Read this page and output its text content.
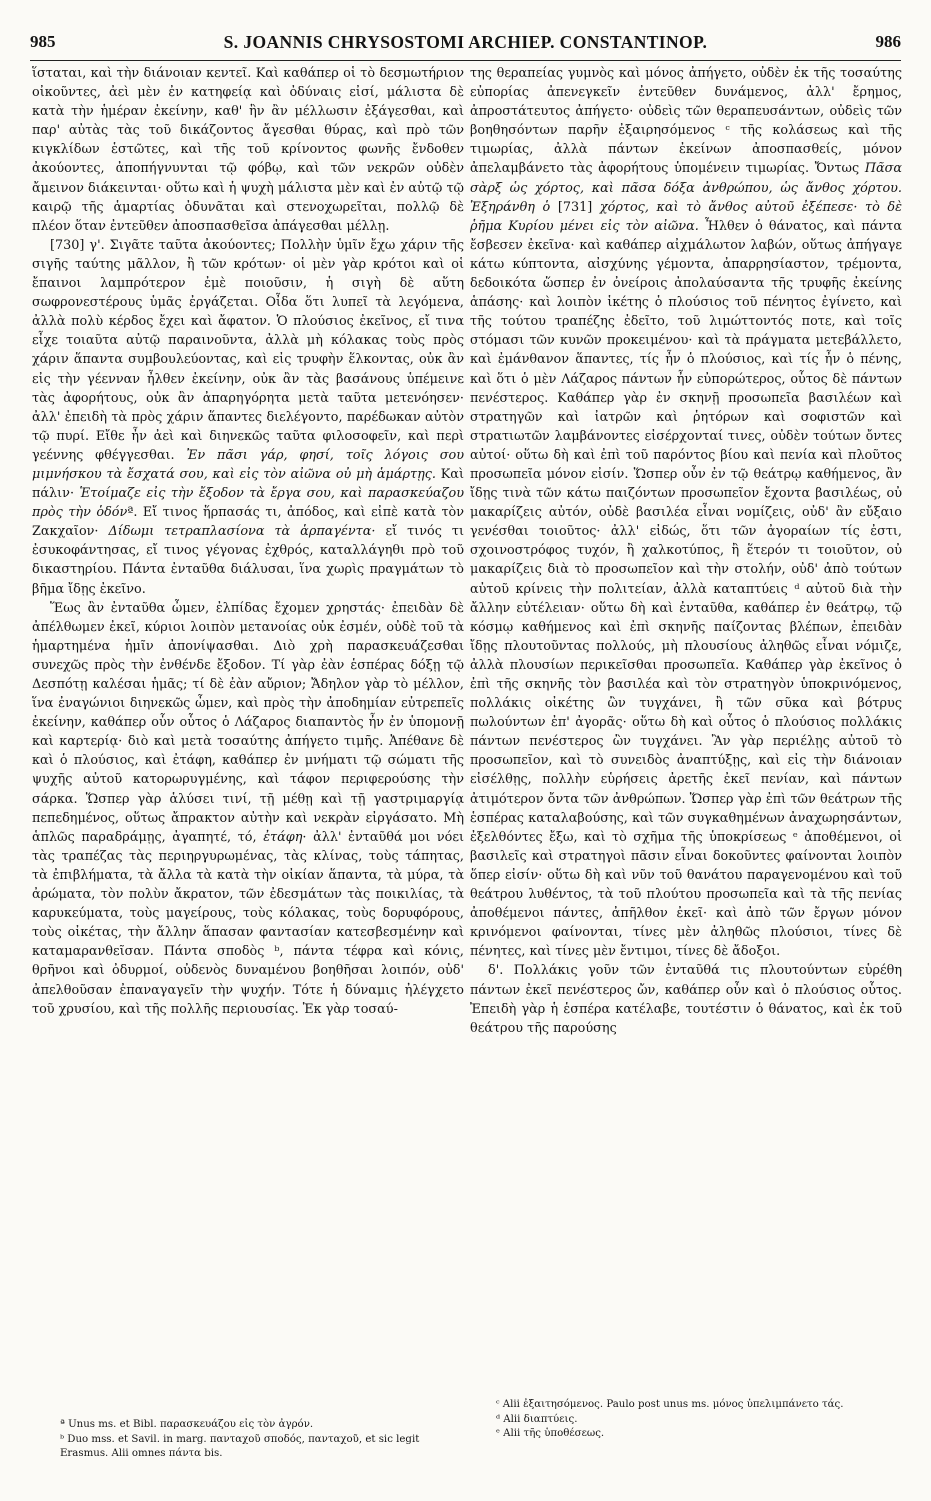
985	S. JOANNIS CHRYSOSTOMI ARCHIEP. CONSTANTINOP.	986

ἵσταται, καὶ τὴν διάνοιαν κεντεῖ. Καὶ καθάπερ οἱ τὸ δεσμωτήριον οἰκοῦντες, ἀεὶ μὲν ἐν κατηφείᾳ καὶ ὀδύναις εἰσί, μάλιστα δὲ κατὰ τὴν ἡμέραν ἐκείνην, καθ' ἣν ἂν μέλλωσιν ἐξάγεσθαι, καὶ παρ' αὐτὰς τὰς τοῦ δικάζοντος ἄγεσθαι θύρας, καὶ πρὸ τῶν κιγκλίδων ἑστῶτες, καὶ τῆς τοῦ κρίνοντος φωνῆς ἔνδοθεν ἀκούοντες, ἀποπήγνυνται τῷ φόβῳ, καὶ τῶν νεκρῶν οὐδὲν ἄμεινον διάκεινται· οὕτω καὶ ἡ ψυχὴ μάλιστα μὲν καὶ ἐν αὐτῷ τῷ καιρῷ τῆς ἁμαρτίας ὀδυνᾶται καὶ στενοχωρεῖται, πολλῷ δὲ πλέον ὅταν ἐντεῦθεν ἀποσπασθεῖσα ἀπάγεσθαι μέλλῃ.

[730] γ'. Σιγᾶτε ταῦτα ἀκούοντες; Πολλὴν ὑμῖν ἔχω χάριν τῆς σιγῆς ταύτης μᾶλλον, ἢ τῶν κρότων· οἱ μὲν γὰρ κρότοι καὶ οἱ ἔπαινοι λαμπρότερον ἐμὲ ποιοῦσιν, ἡ σιγὴ δὲ αὕτη σωφρονεστέρους ὑμᾶς ἐργάζεται. Οἶδα ὅτι λυπεῖ τὰ λεγόμενα, ἀλλὰ πολὺ κέρδος ἔχει καὶ ἄφατον. Ὁ πλούσιος ἐκεῖνος, εἴ τινα εἶχε τοιαῦτα αὐτῷ παραινοῦντα, ἀλλὰ μὴ κόλακας τοὺς πρὸς χάριν ἅπαντα συμβουλεύοντας, καὶ εἰς τρυφὴν ἕλκοντας, οὐκ ἂν εἰς τὴν γέενναν ἦλθεν ἐκείνην, οὐκ ἂν τὰς βασάνους ὑπέμεινε τὰς ἀφορήτους, οὐκ ἂν ἀπαρηγόρητα μετὰ ταῦτα μετενόησεν· ἀλλ' ἐπειδὴ τὰ πρὸς χάριν ἅπαντες διελέγοντο, παρέδωκαν αὐτὸν τῷ πυρί. Εἴθε ἦν ἀεὶ καὶ διηνεκῶς ταῦτα φιλοσοφεῖν, καὶ περὶ γεέννης φθέγγεσθαι. Ἐν πᾶσι γάρ, φησί, τοῖς λόγοις σου μιμνήσκου τὰ ἔσχατά σου, καὶ εἰς τὸν αἰῶνα οὐ μὴ ἁμάρτῃς. Καὶ πάλιν· Ἑτοίμαζε εἰς τὴν ἔξοδον τὰ ἔργα σου, καὶ παρασκεύαζου πρὸς τὴν ὁδόνª. Εἴ τινος ἥρπασάς τι, ἀπόδος, καὶ εἰπὲ κατὰ τὸν Ζακχαῖον· Δίδωμι τετραπλασίονα τὰ ἁρπαγέντα· εἴ τινός τι ἐσυκοφάντησας, εἴ τινος γέγονας ἐχθρός, καταλλάγηθι πρὸ τοῦ δικαστηρίου. Πάντα ἐνταῦθα διάλυσαι, ἵνα χωρὶς πραγμάτων τὸ βῆμα ἴδῃς ἐκεῖνο.

Ἕως ἂν ἐνταῦθα ὦμεν, ἐλπίδας ἔχομεν χρηστάς· ἐπειδὰν δὲ ἀπέλθωμεν ἐκεῖ, κύριοι λοιπὸν μετανοίας οὐκ ἐσμέν, οὐδὲ τοῦ τὰ ἡμαρτημένα ἡμῖν ἀπονίψασθαι. Διὸ χρὴ παρασκευάζεσθαι συνεχῶς πρὸς τὴν ἐνθένδε ἔξοδον. Τί γὰρ ἐὰν ἑσπέρας δόξῃ τῷ Δεσπότῃ καλέσαι ἡμᾶς; τί δὲ ἐὰν αὔριον; Ἄδηλον γὰρ τὸ μέλλον, ἵνα ἐναγώνιοι διηνεκῶς ὦμεν, καὶ πρὸς τὴν ἀποδημίαν εὐτρεπεῖς ἐκείνην, καθάπερ οὗν οὗτος ὁ Λάζαρος διαπαντὸς ἦν ἐν ὑπομονῇ καὶ καρτερίᾳ· διὸ καὶ μετὰ τοσαύτης ἀπήγετο τιμῆς. Ἀπέθανε δὲ καὶ ὁ πλούσιος, καὶ ἐτάφη, καθάπερ ἐν μνήματι τῷ σώματι τῆς ψυχῆς αὐτοῦ κατορωρυγμένης, καὶ τάφον περιφερούσης τὴν σάρκα. Ὥσπερ γὰρ ἁλύσει τινί, τῇ μέθῃ καὶ τῇ γαστριμαργίᾳ πεπεδημένος, οὕτως ἄπρακτον αὐτὴν καὶ νεκρὰν εἰργάσατο. Μὴ ἁπλῶς παραδράμῃς, ἀγαπητέ, τό, ἐτάφη· ἀλλ' ἐνταῦθά μοι νόει τὰς τραπέζας τὰς περιηργυρωμένας, τὰς κλίνας, τοὺς τάπητας, τὰ ἐπιβλήματα, τὰ ἄλλα τὰ κατὰ τὴν οἰκίαν ἅπαντα, τὰ μύρα, τὰ ἀρώματα, τὸν πολὺν ἄκρατον, τῶν ἐδεσμάτων τὰς ποικιλίας, τὰ καρυκεύματα, τοὺς μαγείρους, τοὺς κόλακας, τοὺς δορυφόρους, τοὺς οἰκέτας, τὴν ἄλλην ἅπασαν φαντασίαν κατεσβεσμένην καὶ καταμαρανθεῖσαν. Πάντα σποδὸς ᵇ, πάντα τέφρα καὶ κόνις, θρῆνοι καὶ ὀδυρμοί, οὐδενὸς δυναμένου βοηθῆσαι λοιπόν, οὐδ' ἀπελθοῦσαν ἐπαναγαγεῖν τὴν ψυχήν. Τότε ἡ δύναμις ἠλέγχετο τοῦ χρυσίου, καὶ τῆς πολλῆς περιουσίας. Ἐκ γὰρ τοσαύ-

της θεραπείας γυμνὸς καὶ μόνος ἀπήγετο, οὐδὲν ἐκ τῆς τοσαύτης εὐπορίας ἀπενεγκεῖν ἐντεῦθεν δυνάμενος, ἀλλ' ἔρημος, ἀπροστάτευτος ἀπήγετο· οὐδεὶς τῶν θεραπευσάντων, οὐδεὶς τῶν βοηθησόντων παρῆν ἐξαιρησόμενος ᶜ τῆς κολάσεως καὶ τῆς τιμωρίας, ἀλλὰ πάντων ἐκείνων ἀποσπασθείς, μόνον ἀπελαμβάνετο τὰς ἀφορήτους ὑπομένειν τιμωρίας. Ὄντως Πᾶσα σὰρξ ὡς χόρτος, καὶ πᾶσα δόξα ἀνθρώπου, ὡς ἄνθος χόρτου. Ἐξηράνθη ὁ [731] χόρτος, καὶ τὸ ἄνθος αὐτοῦ ἐξέπεσε· τὸ δὲ ῥῆμα Κυρίου μένει εἰς τὸν αἰῶνα. Ἦλθεν ὁ θάνατος, καὶ πάντα ἔσβεσεν ἐκεῖνα· καὶ καθάπερ αἰχμάλωτον λαβών, οὕτως ἀπήγαγε κάτω κύπτοντα, αἰσχύνης γέμοντα, ἀπαρρησίαστον, τρέμοντα, δεδοικότα ὥσπερ ἐν ὀνείροις ἀπολαύσαντα τῆς τρυφῆς ἐκείνης ἁπάσης· καὶ λοιπὸν ἱκέτης ὁ πλούσιος τοῦ πένητος ἐγίνετο, καὶ τῆς τούτου τραπέζης ἐδεῖτο, τοῦ λιμώττοντός ποτε, καὶ τοῖς στόμασι τῶν κυνῶν προκειμένου· καὶ τὰ πράγματα μετεβάλλετο, καὶ ἐμάνθανον ἅπαντες, τίς ἦν ὁ πλούσιος, καὶ τίς ἦν ὁ πένης, καὶ ὅτι ὁ μὲν Λάζαρος πάντων ἦν εὐπορώτερος, οὗτος δὲ πάντων πενέστερος. Καθάπερ γὰρ ἐν σκηνῇ προσωπεῖα βασιλέων καὶ στρατηγῶν καὶ ἰατρῶν καὶ ῥητόρων καὶ σοφιστῶν καὶ στρατιωτῶν λαμβάνοντες εἰσέρχονταί τινες, οὐδὲν τούτων ὄντες αὐτοί· οὕτω δὴ καὶ ἐπὶ τοῦ παρόντος βίου καὶ πενία καὶ πλοῦτος προσωπεῖα μόνον εἰσίν. Ὥσπερ οὖν ἐν τῷ θεάτρῳ καθήμενος, ἂν ἴδῃς τινὰ τῶν κάτω παιζόντων προσωπεῖον ἔχοντα βασιλέως, οὐ μακαρίζεις αὐτόν, οὐδὲ βασιλέα εἶναι νομίζεις, οὐδ' ἂν εὔξαιο γενέσθαι τοιοῦτος· ἀλλ' εἰδώς, ὅτι τῶν ἀγοραίων τίς ἐστι, σχοινοστρόφος τυχόν, ἢ χαλκοτύπος, ἢ ἕτερόν τι τοιοῦτον, οὐ μακαρίζεις διὰ τὸ προσωπεῖον καὶ τὴν στολήν, οὐδ' ἀπὸ τούτων αὐτοῦ κρίνεις τὴν πολιτείαν, ἀλλὰ καταπτύεις ᵈ αὐτοῦ διὰ τὴν ἄλλην εὐτέλειαν· οὕτω δὴ καὶ ἐνταῦθα, καθάπερ ἐν θεάτρῳ, τῷ κόσμῳ καθήμενος καὶ ἐπὶ σκηνῆς παίζοντας βλέπων, ἐπειδὰν ἴδῃς πλουτοῦντας πολλούς, μὴ πλουσίους ἀληθῶς εἶναι νόμιζε, ἀλλὰ πλουσίων περικεῖσθαι προσωπεῖα. Καθάπερ γὰρ ἐκεῖνος ὁ ἐπὶ τῆς σκηνῆς τὸν βασιλέα καὶ τὸν στρατηγὸν ὑποκρινόμενος, πολλάκις οἰκέτης ὢν τυγχάνει, ἢ τῶν σῦκα καὶ βότρυς πωλούντων ἐπ' ἀγορᾶς· οὕτω δὴ καὶ οὗτος ὁ πλούσιος πολλάκις πάντων πενέστερος ὢν τυγχάνει. Ἂν γὰρ περιέλῃς αὐτοῦ τὸ προσωπεῖον, καὶ τὸ συνειδὸς ἀναπτύξῃς, καὶ εἰς τὴν διάνοιαν εἰσέλθῃς, πολλὴν εὑρήσεις ἀρετῆς ἐκεῖ πενίαν, καὶ πάντων ἀτιμότερον ὄντα τῶν ἀνθρώπων. Ὥσπερ γὰρ ἐπὶ τῶν θεάτρων τῆς ἑσπέρας καταλαβούσης, καὶ τῶν συγκαθημένων ἀναχωρησάντων, ἐξελθόντες ἔξω, καὶ τὸ σχῆμα τῆς ὑποκρίσεως ᵉ ἀποθέμενοι, οἱ βασιλεῖς καὶ στρατηγοὶ πᾶσιν εἶναι δοκοῦντες φαίνονται λοιπὸν ὅπερ εἰσίν· οὕτω δὴ καὶ νῦν τοῦ θανάτου παραγενομένου καὶ τοῦ θεάτρου λυθέντος, τὰ τοῦ πλούτου προσωπεῖα καὶ τὰ τῆς πενίας ἀποθέμενοι πάντες, ἀπῆλθον ἐκεῖ· καὶ ἀπὸ τῶν ἔργων μόνον κρινόμενοι φαίνονται, τίνες μὲν ἀληθῶς πλούσιοι, τίνες δὲ πένητες, καὶ τίνες μὲν ἔντιμοι, τίνες δὲ ἄδοξοι.

δ'. Πολλάκις γοῦν τῶν ἐνταῦθά τις πλουτούντων εὑρέθη πάντων ἐκεῖ πενέστερος ὤν, καθάπερ οὖν καὶ ὁ πλούσιος οὗτος. Ἐπειδὴ γὰρ ἡ ἑσπέρα κατέλαβε, τουτέστιν ὁ θάνατος, καὶ ἐκ τοῦ θεάτρου τῆς παρούσης

ª Unus ms. et Bibl. παρασκευάζου εἰς τὸν ἀγρόν.

ᵇ Duo mss. et Savil. in marg. πανταχοῦ σποδός, πανταχοῦ, et sic legit Erasmus. Alii omnes πάντα bis.

ᶜ Alii ἐξαιτησόμενος. Paulo post unus ms. μόνος ὑπελιμπάνετο τάς.

ᵈ Alii διαπτύεις.

ᵉ Alii τῆς ὑποθέσεως.
